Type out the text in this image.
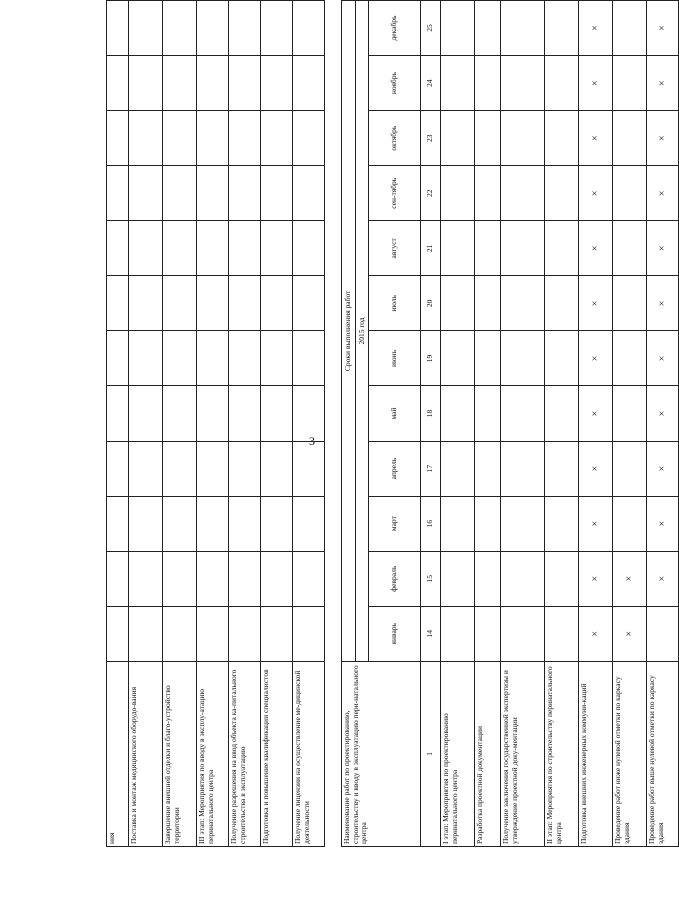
3
ния												
Поставка и монтаж медицинского оборудо-вания												
Завершение внешней отделки и благо-устройство территории												
III этап: Мероприятия по вводу в эксплу-атацию перинатального центра												
Получение разрешения на ввод объекта ка-питального строительства в эксплуатацию												
Подготовка и повышение квалификации специалистов												
Получение лицензии на осуществление ме-дицинской деятельности												

Наименование работ по проектированию, строительству и вводу в эксплуатацию пери-натального центра	Сроки выполнения работ											
	2015 год											
	январь	февраль	март	апрель	май	июнь	июль	август	сен-тябрь	октябрь	ноябрь	декабрь
1	14	15	16	17	18	19	20	21	22	23	24	25
I этап: Мероприятия по проектированию перинатального центра												
Разработка проектной документации												
Получение заключения государственной экспертизы и утверждение проектной доку-ментации												
II этап: Мероприятия по строительству перинатального центра												
Подготовка внешних инженерных коммуни-каций	×	×	×	×	×	×	×	×	×	×	×	×
Проведение работ ниже нулевой отметки по каркасу здания	×	×										
Проведение работ выше нулевой отметки по каркасу здания		×	×	×	×	×	×	×	×	×	×	×
